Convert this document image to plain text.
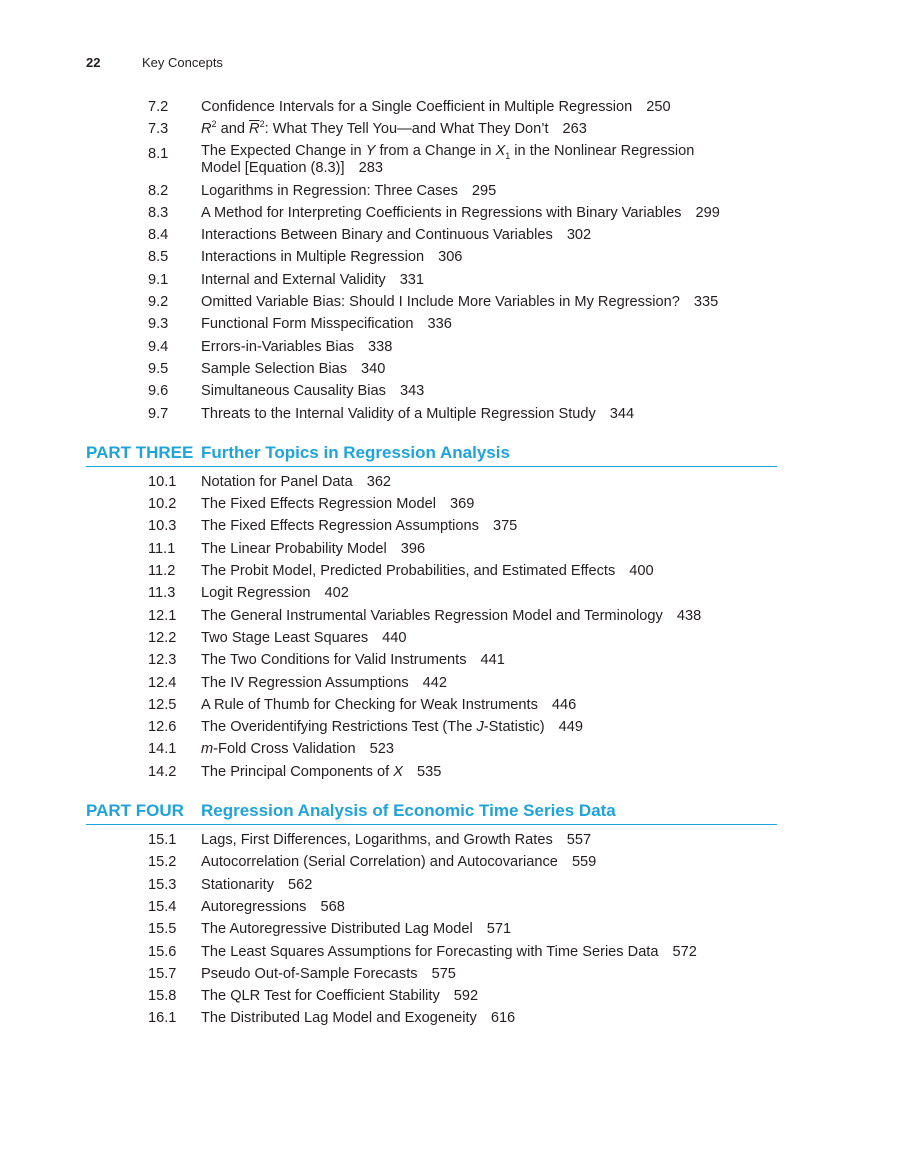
22	Key Concepts
7.2	Confidence Intervals for a Single Coefficient in Multiple Regression 250
7.3	$R^2$ and $\overline{R}^2$: What They Tell You—and What They Don’t 263
8.1	The Expected Change in Y from a Change in $X_1$ in the Nonlinear Regression
Model [Equation (8.3)] 283
8.2	Logarithms in Regression: Three Cases 295
8.3	A Method for Interpreting Coefficients in Regressions with Binary Variables 299
8.4	Interactions Between Binary and Continuous Variables 302
8.5	Interactions in Multiple Regression 306
9.1	Internal and External Validity 331
9.2	Omitted Variable Bias: Should I Include More Variables in My Regression? 335
9.3	Functional Form Misspecification 336
9.4	Errors-in-Variables Bias 338
9.5	Sample Selection Bias 340
9.6	Simultaneous Causality Bias 343
9.7	Threats to the Internal Validity of a Multiple Regression Study 344
PART THREE Further Topics in Regression Analysis
10.1	Notation for Panel Data 362
10.2	The Fixed Effects Regression Model 369
10.3	The Fixed Effects Regression Assumptions 375
11.1	The Linear Probability Model 396
11.2	The Probit Model, Predicted Probabilities, and Estimated Effects 400
11.3	Logit Regression 402
12.1	The General Instrumental Variables Regression Model and Terminology 438
12.2	Two Stage Least Squares 440
12.3	The Two Conditions for Valid Instruments 441
12.4	The IV Regression Assumptions 442
12.5	A Rule of Thumb for Checking for Weak Instruments 446
12.6	The Overidentifying Restrictions Test (The J-Statistic) 449
14.1	m-Fold Cross Validation 523
14.2	The Principal Components of X 535
PART FOUR Regression Analysis of Economic Time Series Data
15.1	Lags, First Differences, Logarithms, and Growth Rates 557
15.2	Autocorrelation (Serial Correlation) and Autocovariance 559
15.3	Stationarity 562
15.4	Autoregressions 568
15.5	The Autoregressive Distributed Lag Model 571
15.6	The Least Squares Assumptions for Forecasting with Time Series Data 572
15.7	Pseudo Out-of-Sample Forecasts 575
15.8	The QLR Test for Coefficient Stability 592
16.1	The Distributed Lag Model and Exogeneity 616
